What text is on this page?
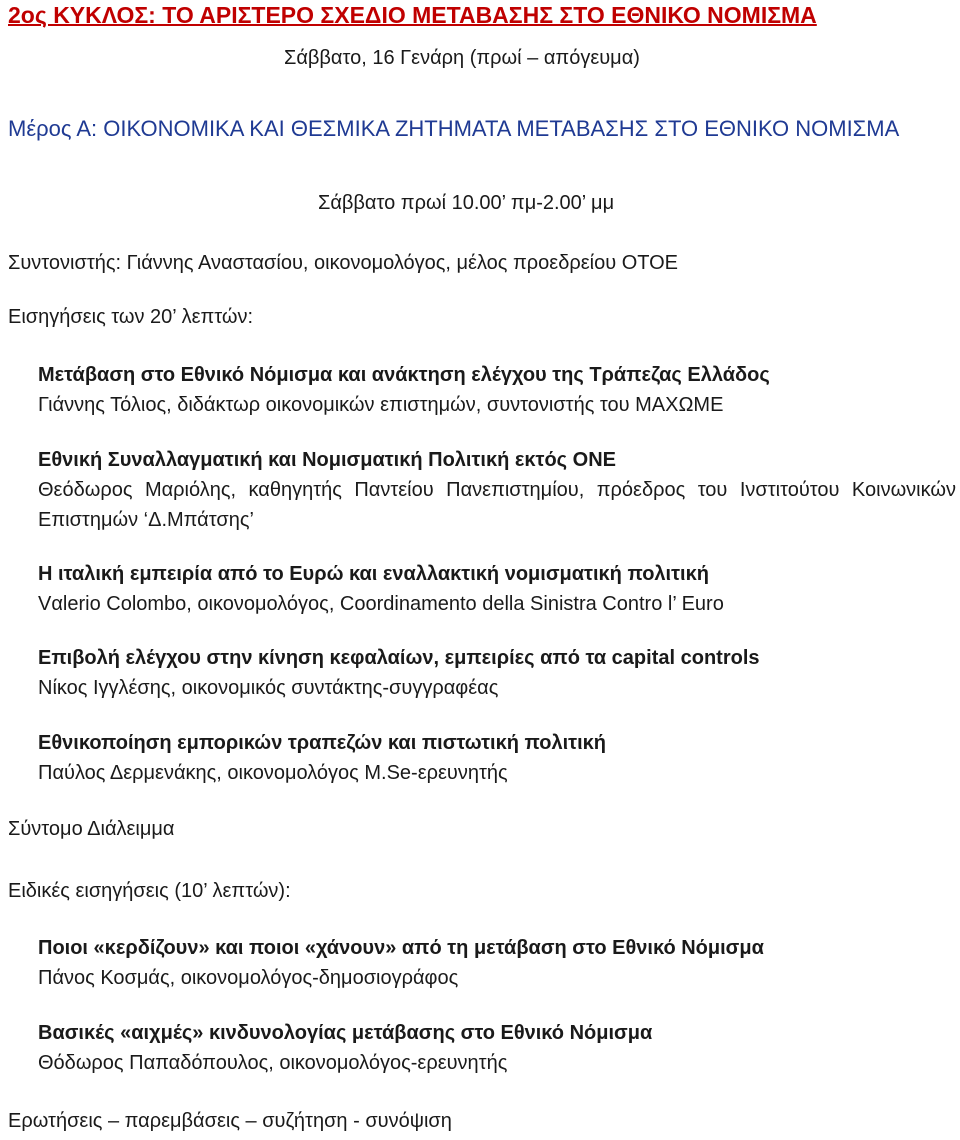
2ος ΚΥΚΛΟΣ: ΤΟ ΑΡΙΣΤΕΡΟ ΣΧΕΔΙΟ ΜΕΤΑΒΑΣΗΣ ΣΤΟ ΕΘΝΙΚΟ ΝΟΜΙΣΜΑ
Σάββατο, 16 Γενάρη (πρωί – απόγευμα)
Μέρος Α: ΟΙΚΟΝΟΜΙΚΑ ΚΑΙ ΘΕΣΜΙΚΑ ΖΗΤΗΜΑΤΑ ΜΕΤΑΒΑΣΗΣ ΣΤΟ ΕΘΝΙΚΟ ΝΟΜΙΣΜΑ
Σάββατο πρωί 10.00’ πμ-2.00’ μμ
Συντονιστής: Γιάννης Αναστασίου, οικονομολόγος, μέλος προεδρείου ΟΤΟΕ
Εισηγήσεις των 20’ λεπτών:
Μετάβαση στο Εθνικό Νόμισμα και ανάκτηση ελέγχου της Τράπεζας Ελλάδος
Γιάννης Τόλιος, διδάκτωρ οικονομικών επιστημών, συντονιστής του ΜΑΧΩΜΕ
Εθνική Συναλλαγματική και Νομισματική Πολιτική εκτός ΟΝΕ
Θεόδωρος Μαριόλης, καθηγητής Παντείου Πανεπιστημίου, πρόεδρος του Ινστιτούτου Κοινωνικών Επιστημών ‘Δ.Μπάτσης’
Η ιταλική εμπειρία από το Ευρώ και εναλλακτική νομισματική πολιτική
Vαlerio Colombo, οικονομολόγος, Coordinamento della Sinistra Contro l’ Euro
Επιβολή ελέγχου στην κίνηση κεφαλαίων, εμπειρίες από τα capital controls
Νίκος Ιγγλέσης, οικονομικός συντάκτης-συγγραφέας
Εθνικοποίηση εμπορικών τραπεζών και πιστωτική πολιτική
Παύλος Δερμενάκης, οικονομολόγος M.Se-ερευνητής
Σύντομο Διάλειμμα
Ειδικές εισηγήσεις (10’ λεπτών):
Ποιοι «κερδίζουν» και ποιοι «χάνουν» από τη μετάβαση στο Εθνικό Νόμισμα
Πάνος Κοσμάς, οικονομολόγος-δημοσιογράφος
Βασικές «αιχμές» κινδυνολογίας μετάβασης στο Εθνικό Νόμισμα
Θόδωρος Παπαδόπουλος, οικονομολόγος-ερευνητής
Ερωτήσεις – παρεμβάσεις – συζήτηση - συνόψιση
